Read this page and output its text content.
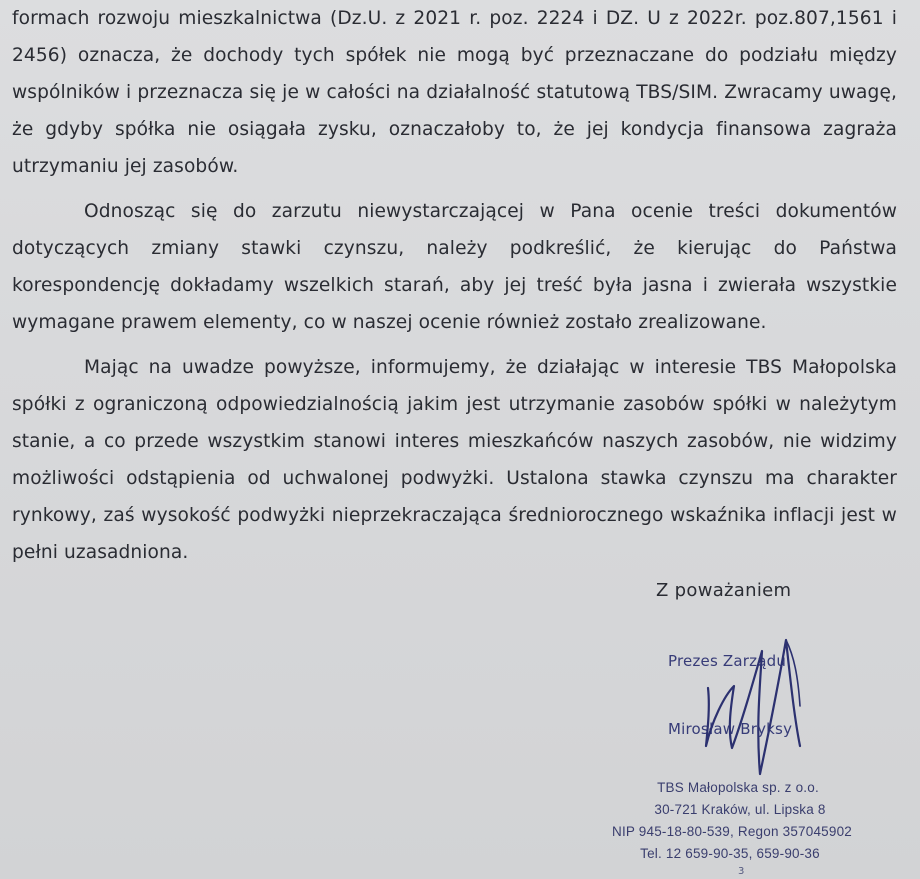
formach rozwoju mieszkalnictwa (Dz.U. z 2021 r. poz. 2224 i DZ. U z 2022r. poz.807,1561 i 2456) oznacza, że dochody tych spółek nie mogą być przeznaczane do podziału między wspólników i przeznacza się je w całości na działalność statutową TBS/SIM. Zwracamy uwagę, że gdyby spółka nie osiągała zysku, oznaczałoby to, że jej kondycja finansowa zagraża utrzymaniu jej zasobów.

Odnosząc się do zarzutu niewystarczającej w Pana ocenie treści dokumentów dotyczących zmiany stawki czynszu, należy podkreślić, że kierując do Państwa korespondencję dokładamy wszelkich starań, aby jej treść była jasna i zwierała wszystkie wymagane prawem elementy, co w naszej ocenie również zostało zrealizowane.

Mając na uwadze powyższe, informujemy, że działając w interesie TBS Małopolska spółki z ograniczoną odpowiedzialnością jakim jest utrzymanie zasobów spółki w należytym stanie, a co przede wszystkim stanowi interes mieszkańców naszych zasobów, nie widzimy możliwości odstąpienia od uchwalonej podwyżki. Ustalona stawka czynszu ma charakter rynkowy, zaś wysokość podwyżki nieprzekraczająca średniorocznego wskaźnika inflacji jest w pełni uzasadniona.

Z poważaniem
Prezes Zarządu
Mirosław Bryksy
TBS Małopolska sp. z o.o.
30-721 Kraków, ul. Lipska 8
NIP 945-18-80-539, Regon 357045902
Tel. 12 659-90-35, 659-90-36
3
